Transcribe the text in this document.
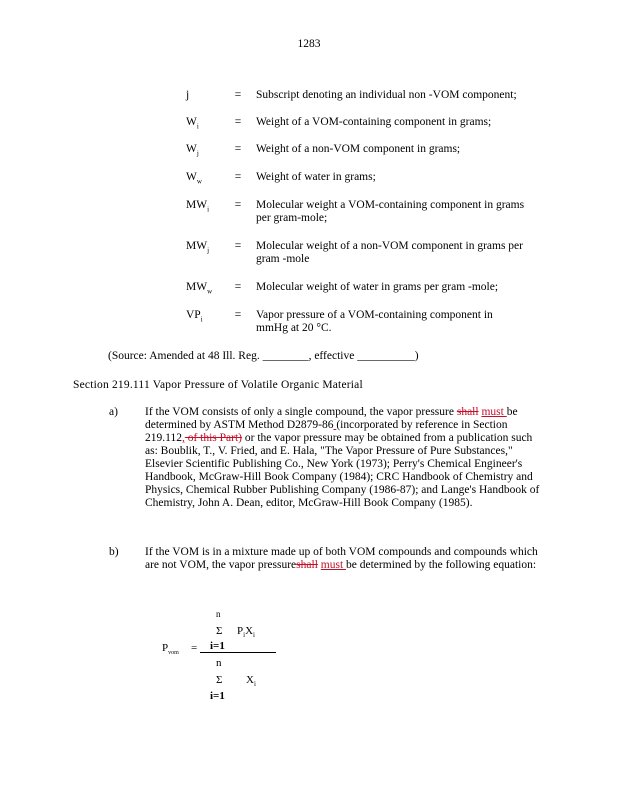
1283
j	= Subscript denoting an individual non -VOM component;
$W_i$	= Weight of a VOM-containing component in grams;
$W_j$	= Weight of a non-VOM component in grams;
$W_w$	= Weight of water in grams;
$MW_i$	= Molecular weight a VOM-containing component in grams per gram-mole;
$MW_j$	= Molecular weight of a non-VOM component in grams per gram -mole
$MW_w$	= Molecular weight of water in grams per gram -mole;
$VP_i$	= Vapor pressure of a VOM-containing component in mmHg at 20 °C.
(Source: Amended at 48 Ill. Reg. ________, effective __________)
Section 219.111 Vapor Pressure of Volatile Organic Material
a) If the VOM consists of only a single compound, the vapor pressure shall must be determined by ASTM Method D2879-86 (incorporated by reference in Section 219.112, of this Part) or the vapor pressure may be obtained from a publication such as: Boublik, T., V. Fried, and E. Hala, "The Vapor Pressure of Pure Substances," Elsevier Scientific Publishing Co., New York (1973); Perry's Chemical Engineer's Handbook, McGraw-Hill Book Company (1984); CRC Handbook of Chemistry and Physics, Chemical Rubber Publishing Company (1986-87); and Lange's Handbook of Chemistry, John A. Dean, editor, McGraw-Hill Book Company (1985).
b) If the VOM is in a mixture made up of both VOM compounds and compounds which are not VOM, the vapor pressureshall must be determined by the following equation:
n
Σ $P_iX_i$
i=1
$P_{vom}$ =
n
Σ $X_i$
i=1
